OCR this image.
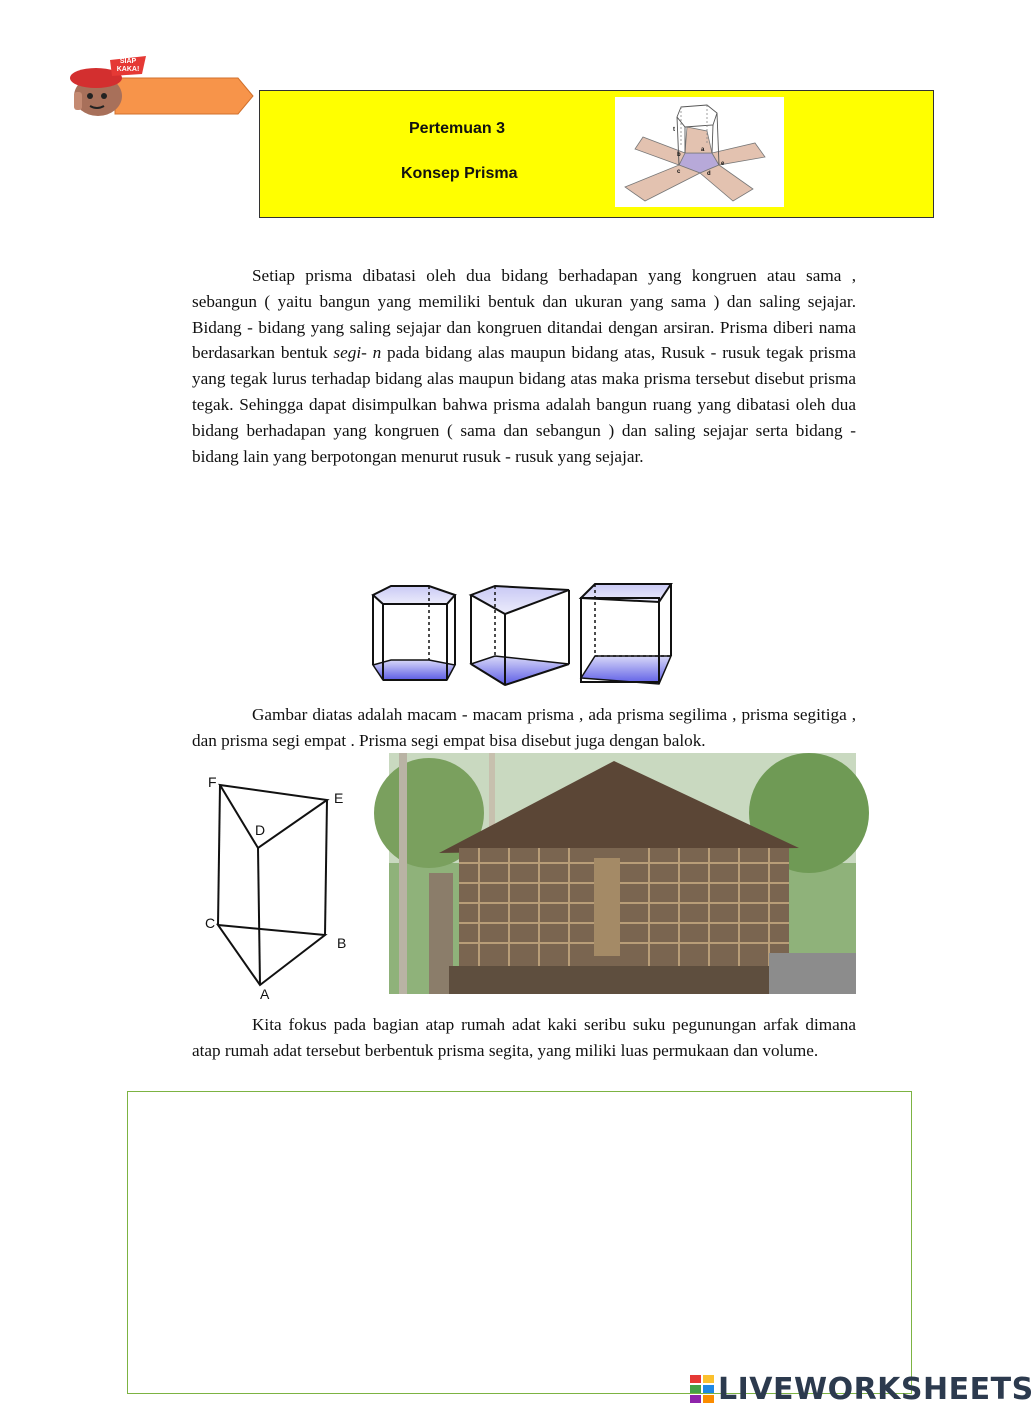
SIAP KAKA!
Pertemuan 3
Konsep Prisma
t
b
a
c	d
e
Setiap prisma dibatasi oleh dua bidang berhadapan yang kongruen atau sama , sebangun ( yaitu bangun yang memiliki bentuk dan ukuran yang sama ) dan saling sejajar. Bidang - bidang yang saling sejajar dan kongruen ditandai dengan arsiran. Prisma diberi nama berdasarkan bentuk segi- n pada bidang alas maupun bidang atas, Rusuk - rusuk tegak prisma yang tegak lurus terhadap bidang alas maupun bidang atas maka prisma tersebut disebut prisma tegak. Sehingga dapat disimpulkan bahwa prisma adalah bangun ruang yang dibatasi oleh dua bidang berhadapan yang kongruen ( sama dan sebangun ) dan saling sejajar serta bidang - bidang lain yang berpotongan menurut rusuk - rusuk yang sejajar.
Gambar diatas adalah macam - macam prisma , ada prisma segilima , prisma segitiga , dan prisma segi empat . Prisma segi empat bisa disebut juga dengan balok.
F
E
D
C
B
A
Kita fokus pada bagian atap rumah adat kaki seribu suku pegunungan arfak dimana atap rumah adat tersebut berbentuk prisma segita, yang miliki luas permukaan dan volume.
LIVEWORKSHEETS
